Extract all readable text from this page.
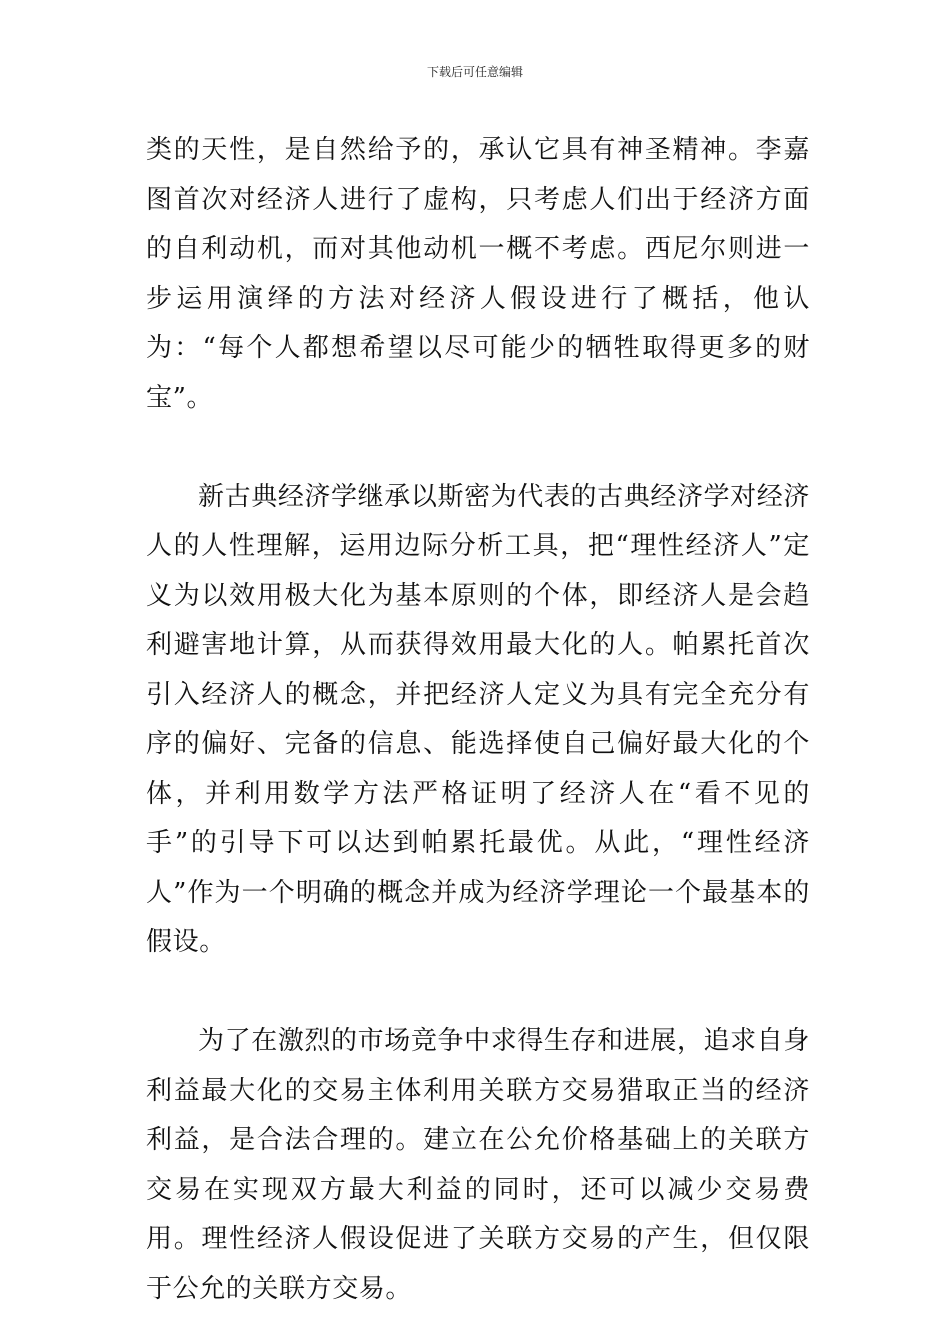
下载后可任意编辑

类的天性，是自然给予的，承认它具有神圣精神。李嘉图首次对经济人进行了虚构，只考虑人们出于经济方面的自利动机，而对其他动机一概不考虑。西尼尔则进一步运用演绎的方法对经济人假设进行了概括，他认为：“每个人都想希望以尽可能少的牺牲取得更多的财宝”。

新古典经济学继承以斯密为代表的古典经济学对经济人的人性理解，运用边际分析工具，把“理性经济人”定义为以效用极大化为基本原则的个体，即经济人是会趋利避害地计算，从而获得效用最大化的人。帕累托首次引入经济人的概念，并把经济人定义为具有完全充分有序的偏好、完备的信息、能选择使自己偏好最大化的个体，并利用数学方法严格证明了经济人在“看不见的手”的引导下可以达到帕累托最优。从此，“理性经济人”作为一个明确的概念并成为经济学理论一个最基本的假设。

为了在激烈的市场竞争中求得生存和进展，追求自身利益最大化的交易主体利用关联方交易猎取正当的经济利益，是合法合理的。建立在公允价格基础上的关联方交易在实现双方最大利益的同时，还可以减少交易费用。理性经济人假设促进了关联方交易的产生，但仅限于公允的关联方交易。
